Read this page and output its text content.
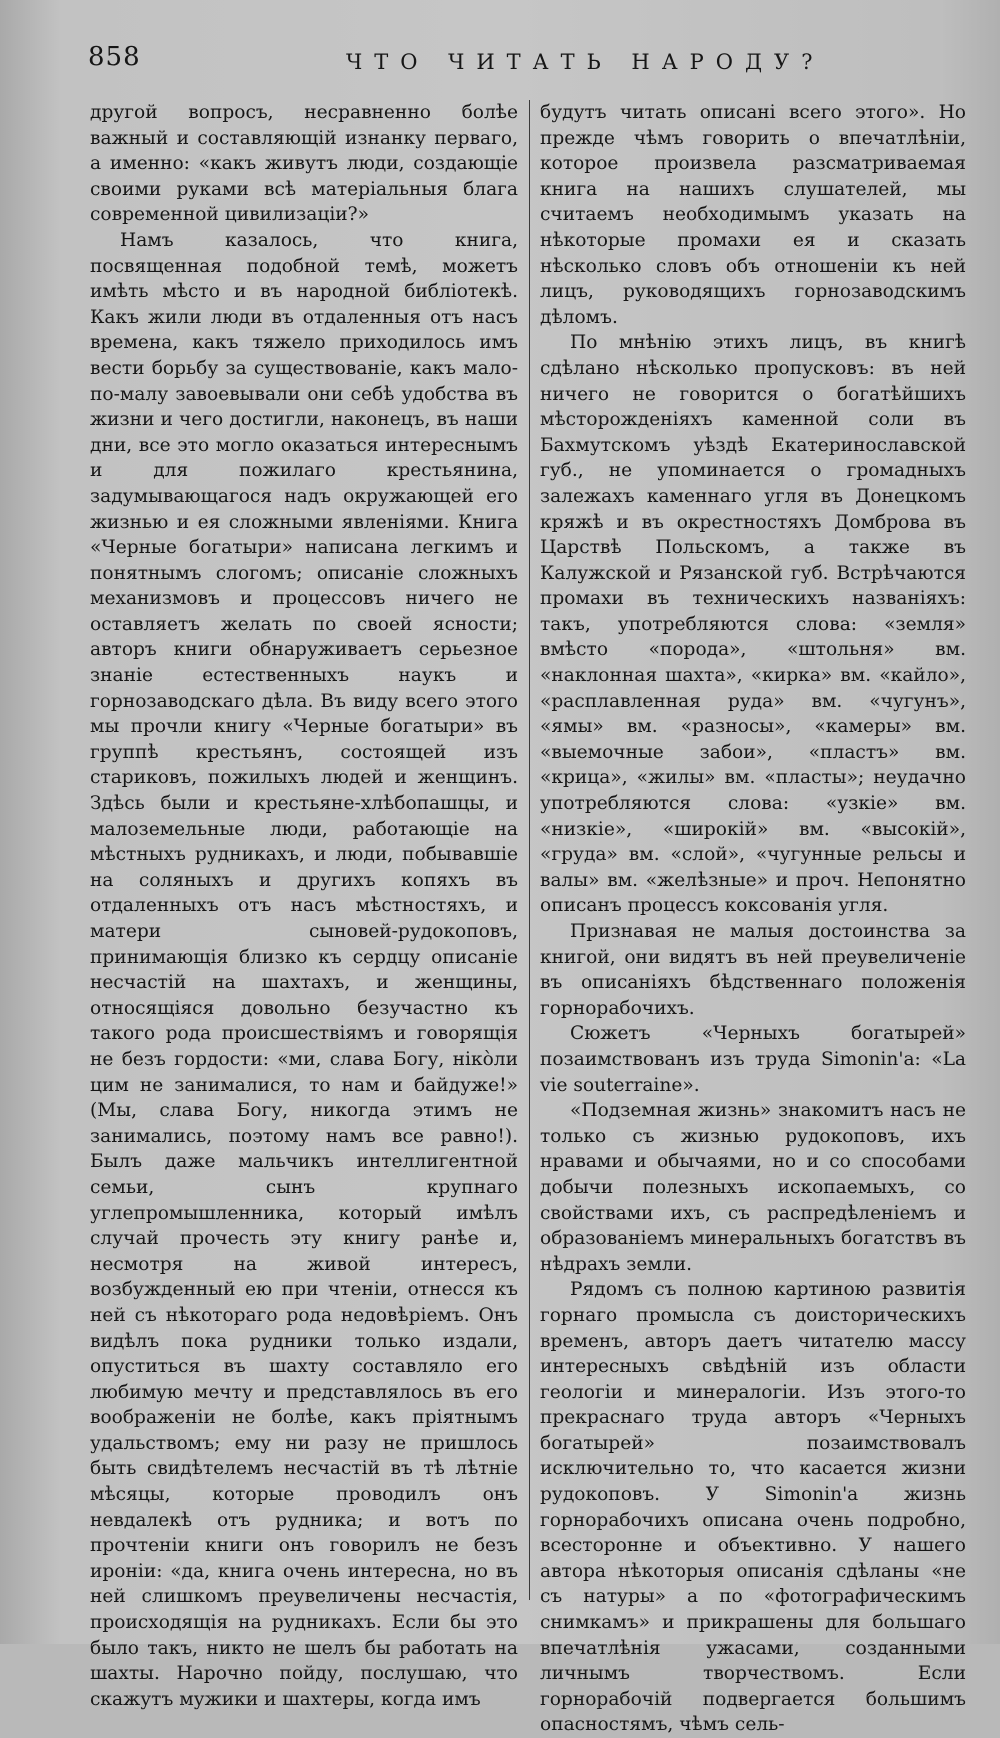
858	ЧТО ЧИТАТЬ НАРОДУ?

другой вопросъ, несравненно болѣе важный и составляющій изнанку перваго, а именно: «какъ живутъ люди, создающіе своими руками всѣ матеріальныя блага современной цивилизаціи?»

Намъ казалось, что книга, посвященная подобной темѣ, можетъ имѣть мѣсто и въ народной библіотекѣ. Какъ жили люди въ отдаленныя отъ насъ времена, какъ тяжело приходилось имъ вести борьбу за существованіе, какъ мало-по-малу завоевывали они себѣ удобства въ жизни и чего достигли, наконецъ, въ наши дни, все это могло оказаться интереснымъ и для пожилаго крестьянина, задумывающагося надъ окружающей его жизнью и ея сложными явленіями. Книга «Черные богатыри» написана легкимъ и понятнымъ слогомъ; описаніе сложныхъ механизмовъ и процессовъ ничего не оставляетъ желать по своей ясности; авторъ книги обнаруживаетъ серьезное знаніе естественныхъ наукъ и горнозаводскаго дѣла. Въ виду всего этого мы прочли книгу «Черные богатыри» въ группѣ крестьянъ, состоящей изъ стариковъ, пожилыхъ людей и женщинъ. Здѣсь были и крестьяне-хлѣбопашцы, и малоземельные люди, работающіе на мѣстныхъ рудникахъ, и люди, побывавшіе на соляныхъ и другихъ копяхъ въ отдаленныхъ отъ насъ мѣстностяхъ, и матери сыновей-рудокоповъ, принимающія близко къ сердцу описаніе несчастій на шахтахъ, и женщины, относящіяся довольно безучастно къ такого рода происшествіямъ и говорящія не безъ гордости: «ми, слава Богу, нікòли цим не занималися, то нам и байдуже!» (Мы, слава Богу, никогда этимъ не занимались, поэтому намъ все равно!). Былъ даже мальчикъ интеллигентной семьи, сынъ крупнаго углепромышленника, который имѣлъ случай прочесть эту книгу ранѣе и, несмотря на живой интересъ, возбужденный ею при чтеніи, отнесся къ ней съ нѣкотораго рода недовѣріемъ. Онъ видѣлъ пока рудники только издали, опуститься въ шахту составляло его любимую мечту и представлялось въ его воображеніи не болѣе, какъ пріятнымъ удальствомъ; ему ни разу не пришлось быть свидѣтелемъ несчастій въ тѣ лѣтніе мѣсяцы, которые проводилъ онъ невдалекѣ отъ рудника; и вотъ по прочтеніи книги онъ говорилъ не безъ ироніи: «да, книга очень интересна, но въ ней слишкомъ преувеличены несчастія, происходящія на рудникахъ. Если бы это было такъ, никто не шелъ бы работать на шахты. Нарочно пойду, послушаю, что скажутъ мужики и шахтеры, когда имъ

будутъ читать описані всего этого». Но прежде чѣмъ говорить о впечатлѣніи, которое произвела разсматриваемая книга на нашихъ слушателей, мы считаемъ необходимымъ указать на нѣкоторые промахи ея и сказать нѣсколько словъ объ отношеніи къ ней лицъ, руководящихъ горнозаводскимъ дѣломъ.

По мнѣнію этихъ лицъ, въ книгѣ сдѣлано нѣсколько пропусковъ: въ ней ничего не говорится о богатѣйшихъ мѣсторожденіяхъ каменной соли въ Бахмутскомъ уѣздѣ Екатеринославской губ., не упоминается о громадныхъ залежахъ каменнаго угля въ Донецкомъ кряжѣ и въ окрестностяхъ Домброва въ Царствѣ Польскомъ, а также въ Калужской и Рязанской губ. Встрѣчаются промахи въ техническихъ названіяхъ: такъ, употребляются слова: «земля» вмѣсто «порода», «штольня» вм. «наклонная шахта», «кирка» вм. «кайло», «расплавленная руда» вм. «чугунъ», «ямы» вм. «разносы», «камеры» вм. «выемочные забои», «пластъ» вм. «крица», «жилы» вм. «пласты»; неудачно употребляются слова: «узкіе» вм. «низкіе», «широкій» вм. «высокій», «груда» вм. «слой», «чугунные рельсы и валы» вм. «желѣзные» и проч. Непонятно описанъ процессъ коксованія угля.

Признавая не малыя достоинства за книгой, они видятъ въ ней преувеличеніе въ описаніяхъ бѣдственнаго положенія горнорабочихъ.

Сюжетъ «Черныхъ богатырей» позаимствованъ изъ труда Simonin'a: «La vie souterraine».

«Подземная жизнь» знакомитъ насъ не только съ жизнью рудокоповъ, ихъ нравами и обычаями, но и со способами добычи полезныхъ ископаемыхъ, со свойствами ихъ, съ распредѣленіемъ и образованіемъ минеральныхъ богатствъ въ нѣдрахъ земли.

Рядомъ съ полною картиною развитія горнаго промысла съ доисторическихъ временъ, авторъ даетъ читателю массу интересныхъ свѣдѣній изъ области геологіи и минералогіи. Изъ этого-то прекраснаго труда авторъ «Черныхъ богатырей» позаимствовалъ исключительно то, что касается жизни рудокоповъ. У Simonin'a жизнь горнорабочихъ описана очень подробно, всесторонне и объективно. У нашего автора нѣкоторыя описанія сдѣланы «не съ натуры» а по «фотографическимъ снимкамъ» и прикрашены для большаго впечатлѣнія ужасами, созданными личнымъ творчествомъ. Если горнорабочій подвергается большимъ опасностямъ, чѣмъ сель-
